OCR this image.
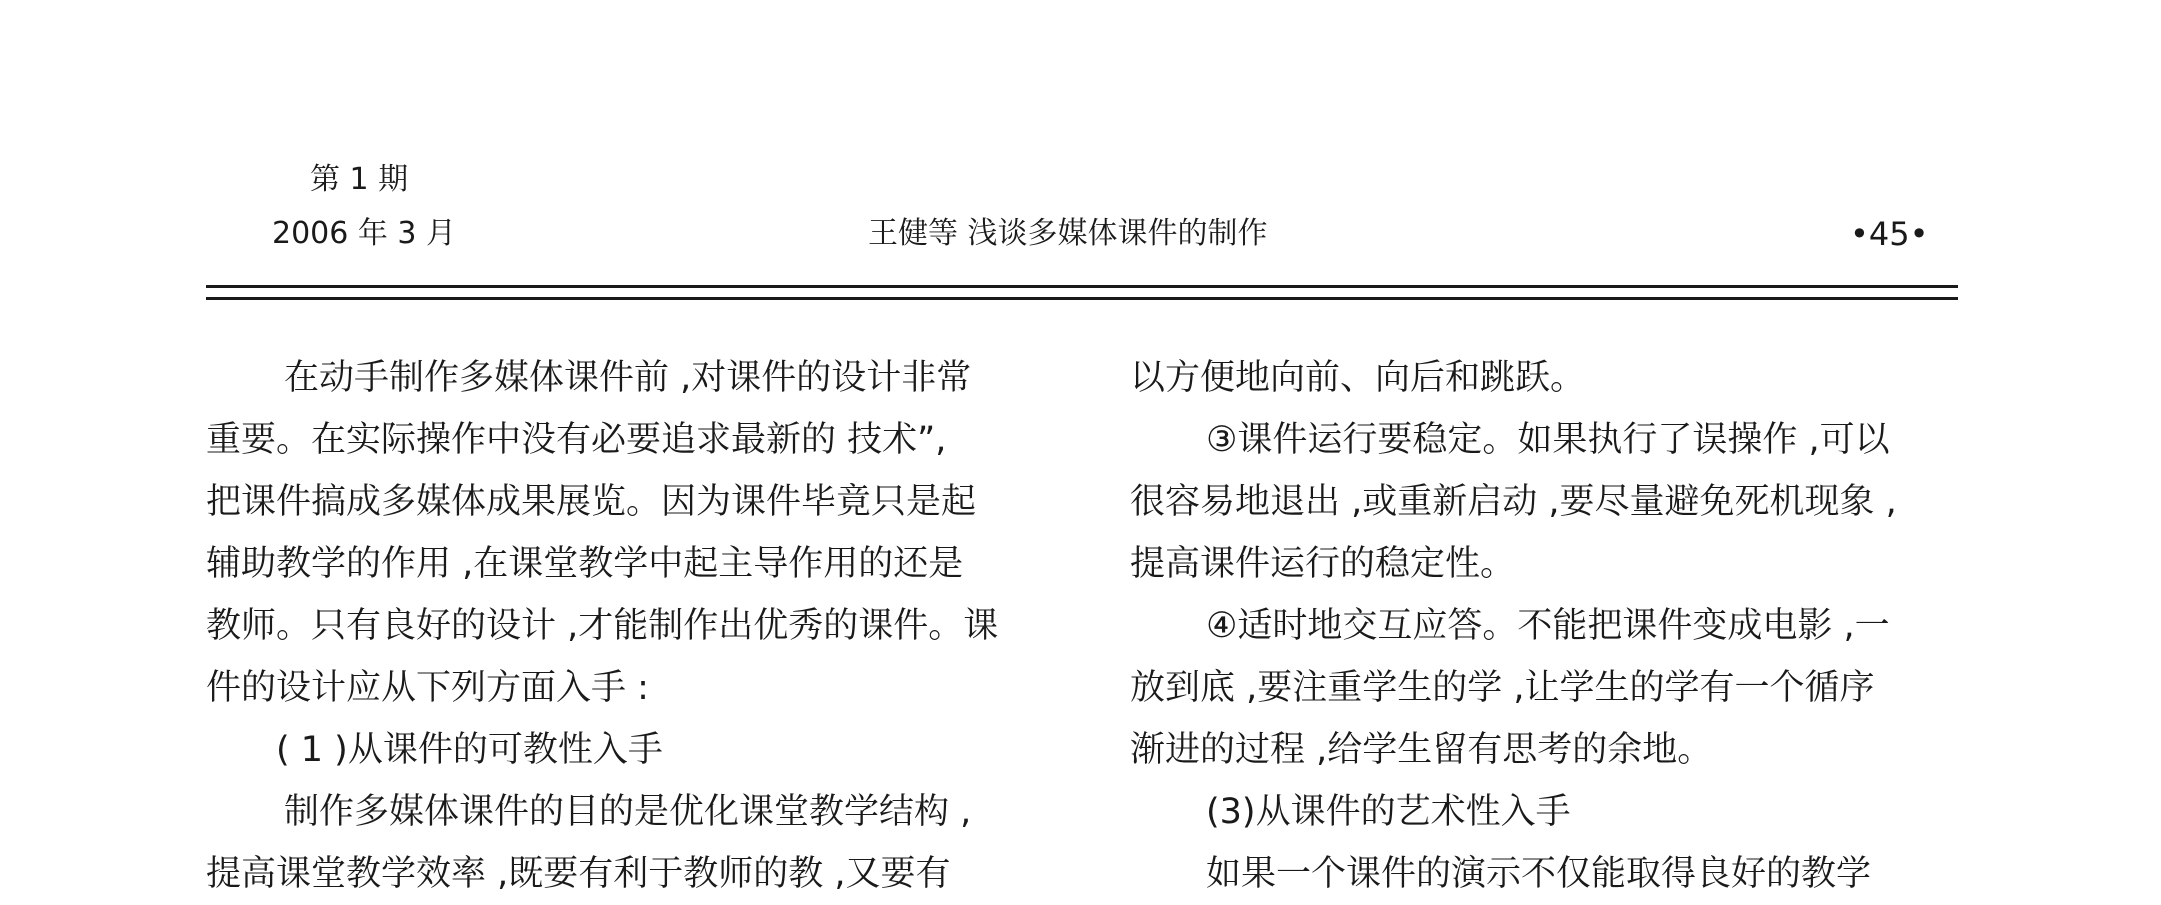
第 1 期
2006 年 3 月	王健等 浅谈多媒体课件的制作	•45•
在动手制作多媒体课件前 ,对课件的设计非常
重要。在实际操作中没有必要追求最新的 技术”,
把课件搞成多媒体成果展览。因为课件毕竟只是起
辅助教学的作用 ,在课堂教学中起主导作用的还是
教师。只有良好的设计 ,才能制作出优秀的课件。课
件的设计应从下列方面入手 :
( 1 )从课件的可教性入手
制作多媒体课件的目的是优化课堂教学结构 ,
提高课堂教学效率 ,既要有利于教师的教 ,又要有
以方便地向前、向后和跳跃。
③课件运行要稳定。如果执行了误操作 ,可以
很容易地退出 ,或重新启动 ,要尽量避免死机现象 ,
提高课件运行的稳定性。
④适时地交互应答。不能把课件变成电影 ,一
放到底 ,要注重学生的学 ,让学生的学有一个循序
渐进的过程 ,给学生留有思考的余地。
(3)从课件的艺术性入手
如果一个课件的演示不仅能取得良好的教学
